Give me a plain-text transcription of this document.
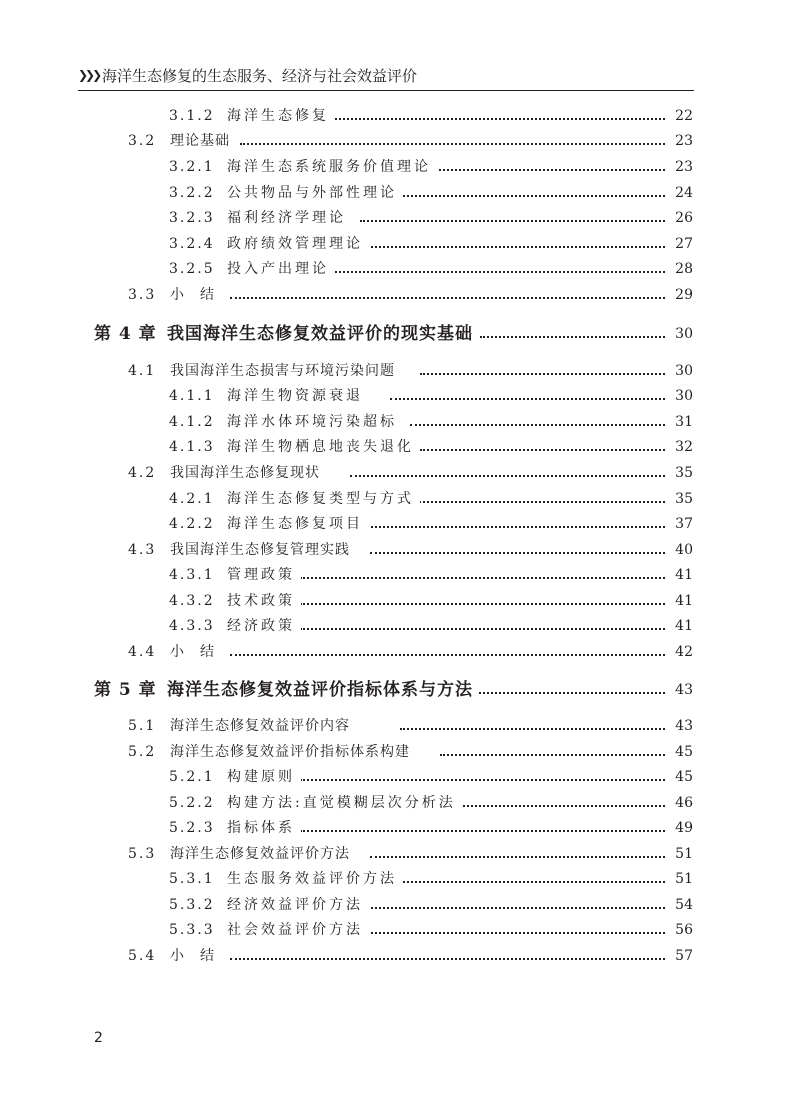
❯❯❯ 海洋生态修复的生态服务、经济与社会效益评价
3.1.2 海洋生态修复	22
3.2 理论基础	23
3.2.1 海洋生态系统服务价值理论	23
3.2.2 公共物品与外部性理论	24
3.2.3 福利经济学理论	26
3.2.4 政府绩效管理理论	27
3.2.5 投入产出理论	28
3.3 小　结	29
第 4 章 我国海洋生态修复效益评价的现实基础	30
4.1 我国海洋生态损害与环境污染问题	30
4.1.1 海洋生物资源衰退	30
4.1.2 海洋水体环境污染超标	31
4.1.3 海洋生物栖息地丧失退化	32
4.2 我国海洋生态修复现状	35
4.2.1 海洋生态修复类型与方式	35
4.2.2 海洋生态修复项目	37
4.3 我国海洋生态修复管理实践	40
4.3.1 管理政策	41
4.3.2 技术政策	41
4.3.3 经济政策	41
4.4 小　结	42
第 5 章 海洋生态修复效益评价指标体系与方法	43
5.1 海洋生态修复效益评价内容	43
5.2 海洋生态修复效益评价指标体系构建	45
5.2.1 构建原则	45
5.2.2 构建方法:直觉模糊层次分析法	46
5.2.3 指标体系	49
5.3 海洋生态修复效益评价方法	51
5.3.1 生态服务效益评价方法	51
5.3.2 经济效益评价方法	54
5.3.3 社会效益评价方法	56
5.4 小　结	57
2
